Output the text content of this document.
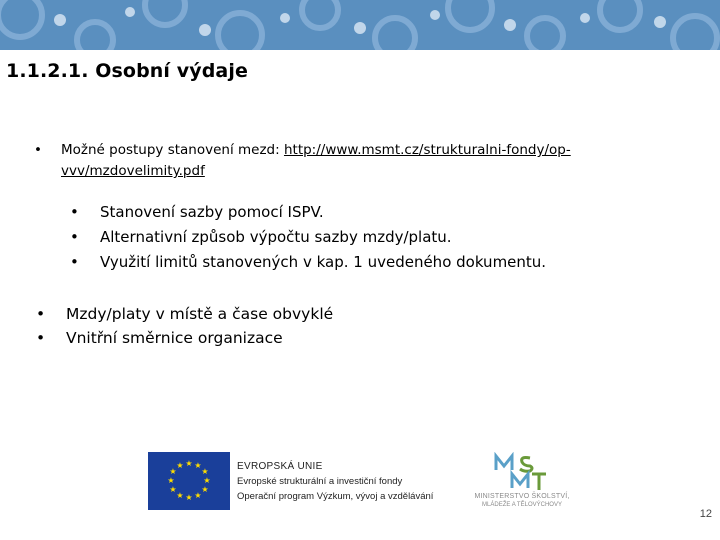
1.1.2.1. Osobní výdaje
• Možné postupy stanovení mezd: http://www.msmt.cz/strukturalni-fondy/op-vvv/mzdovelimity.pdf
• Stanovení sazby pomocí ISPV.
• Alternativní způsob výpočtu sazby mzdy/platu.
• Využití limitů stanovených v kap. 1 uvedeného dokumentu.
• Mzdy/platy v místě a čase obvyklé
• Vnitřní směrnice organizace
★ ★
★
★
★
★
★
★
★
★
★
★	EVROPSKÁ UNIE
Evropské strukturální a investiční fondy
Operační program Výzkum, vývoj a vzdělávání	MINISTERSTVO ŠKOLSTVÍ,
MLÁDEŽE A TĚLOVÝCHOVY
12
